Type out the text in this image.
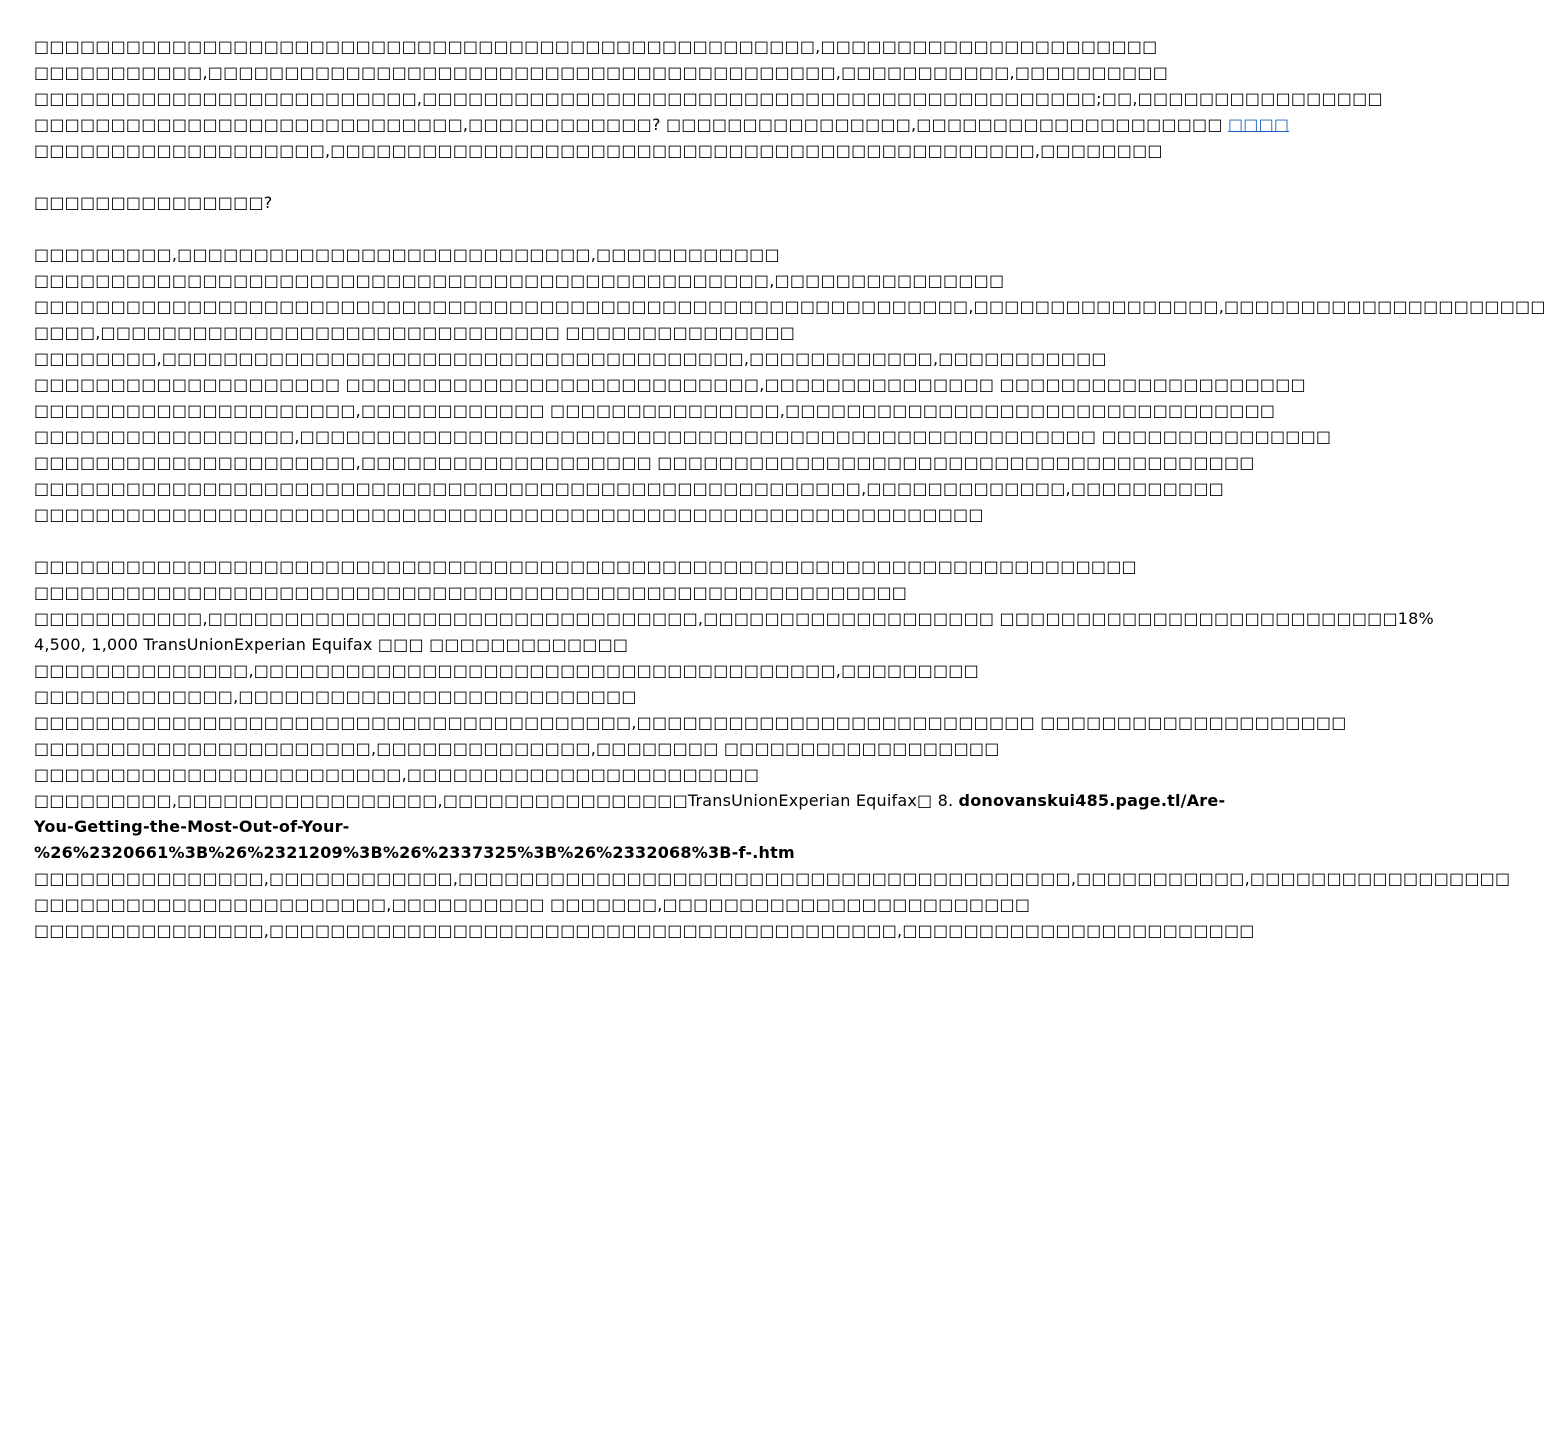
□□□□□□□□□□□□□□□□□□□□□□□□□□□□□□□□□□□□□□□□□□□□□□□□□□□,□□□□□□□□□□□□□□□□□□□□□□
□□□□□□□□□□□,□□□□□□□□□□□□□□□□□□□□□□□□□□□□□□□□□□□□□□□□□,□□□□□□□□□□□,□□□□□□□□□□
□□□□□□□□□□□□□□□□□□□□□□□□□,□□□□□□□□□□□□□□□□□□□□□□□□□□□□□□□□□□□□□□□□□□□□;□□,□□□□□□□□□□□□□□□□
□□□□□□□□□□□□□□□□□□□□□□□□□□□□,□□□□□□□□□□□□? □□□□□□□□□□□□□□□□,□□□□□□□□□□□□□□□□□□□□ □□□□
□□□□□□□□□□□□□□□□□□□,□□□□□□□□□□□□□□□□□□□□□□□□□□□□□□□□□□□□□□□□□□□□□□,□□□□□□□□
□□□□□□□□□□□□□□□?
□□□□□□□□□,□□□□□□□□□□□□□□□□□□□□□□□□□□□,□□□□□□□□□□□□
□□□□□□□□□□□□□□□□□□□□□□□□□□□□□□□□□□□□□□□□□□□□□□□□,□□□□□□□□□□□□□□□
□□□□□□□□□□□□□□□□□□□□□□□□□□□□□□□□□□□□□□□□□□□□□□□□□□□□□□□□□□□□□,□□□□□□□□□□□□□□□□,□□□□□□□□□□□□□□□□□□□□□
□□□□,□□□□□□□□□□□□□□□□□□□□□□□□□□□□□□ □□□□□□□□□□□□□□□
□□□□□□□□,□□□□□□□□□□□□□□□□□□□□□□□□□□□□□□□□□□□□□□,□□□□□□□□□□□□,□□□□□□□□□□□
□□□□□□□□□□□□□□□□□□□□ □□□□□□□□□□□□□□□□□□□□□□□□□□□,□□□□□□□□□□□□□□□ □□□□□□□□□□□□□□□□□□□□
□□□□□□□□□□□□□□□□□□□□□,□□□□□□□□□□□□ □□□□□□□□□□□□□□□,□□□□□□□□□□□□□□□□□□□□□□□□□□□□□□□□
□□□□□□□□□□□□□□□□□,□□□□□□□□□□□□□□□□□□□□□□□□□□□□□□□□□□□□□□□□□□□□□□□□□□□□ □□□□□□□□□□□□□□□
□□□□□□□□□□□□□□□□□□□□□,□□□□□□□□□□□□□□□□□□□ □□□□□□□□□□□□□□□□□□□□□□□□□□□□□□□□□□□□□□□
□□□□□□□□□□□□□□□□□□□□□□□□□□□□□□□□□□□□□□□□□□□□□□□□□□□□□□,□□□□□□□□□□□□□,□□□□□□□□□□
□□□□□□□□□□□□□□□□□□□□□□□□□□□□□□□□□□□□□□□□□□□□□□□□□□□□□□□□□□□□□□
□□□□□□□□□□□□□□□□□□□□□□□□□□□□□□□□□□□□□□□□□□□□□□□□□□□□□□□□□□□□□□□□□□□□□□□□
□□□□□□□□□□□□□□□□□□□□□□□□□□□□□□□□□□□□□□□□□□□□□□□□□□□□□□□□□
□□□□□□□□□□□,□□□□□□□□□□□□□□□□□□□□□□□□□□□□□□□□,□□□□□□□□□□□□□□□□□□□ □□□□□□□□□□□□□□□□□□□□□□□□□□18%
4,500, 1,000 TransUnionExperian Equifax □□□ □□□□□□□□□□□□□
□□□□□□□□□□□□□□,□□□□□□□□□□□□□□□□□□□□□□□□□□□□□□□□□□□□□□,□□□□□□□□□
□□□□□□□□□□□□□,□□□□□□□□□□□□□□□□□□□□□□□□□□
□□□□□□□□□□□□□□□□□□□□□□□□□□□□□□□□□□□□□□□,□□□□□□□□□□□□□□□□□□□□□□□□□□ □□□□□□□□□□□□□□□□□□□□
□□□□□□□□□□□□□□□□□□□□□□,□□□□□□□□□□□□□□,□□□□□□□□ □□□□□□□□□□□□□□□□□□
□□□□□□□□□□□□□□□□□□□□□□□□,□□□□□□□□□□□□□□□□□□□□□□□
□□□□□□□□□,□□□□□□□□□□□□□□□□□,□□□□□□□□□□□□□□□□TransUnionExperian Equifax□ 8. donovanskui485.page.tl/Are-
You-Getting-the-Most-Out-of-Your-
%26%2320661%3B%26%2321209%3B%26%2337325%3B%26%2332068%3B-f-.htm
□□□□□□□□□□□□□□□,□□□□□□□□□□□□,□□□□□□□□□□□□□□□□□□□□□□□□□□□□□□□□□□□□□□□□,□□□□□□□□□□□,□□□□□□□□□□□□□□□□□
□□□□□□□□□□□□□□□□□□□□□□□,□□□□□□□□□□ □□□□□□□,□□□□□□□□□□□□□□□□□□□□□□□□
□□□□□□□□□□□□□□□,□□□□□□□□□□□□□□□□□□□□□□□□□□□□□□□□□□□□□□□□□,□□□□□□□□□□□□□□□□□□□□□□□
